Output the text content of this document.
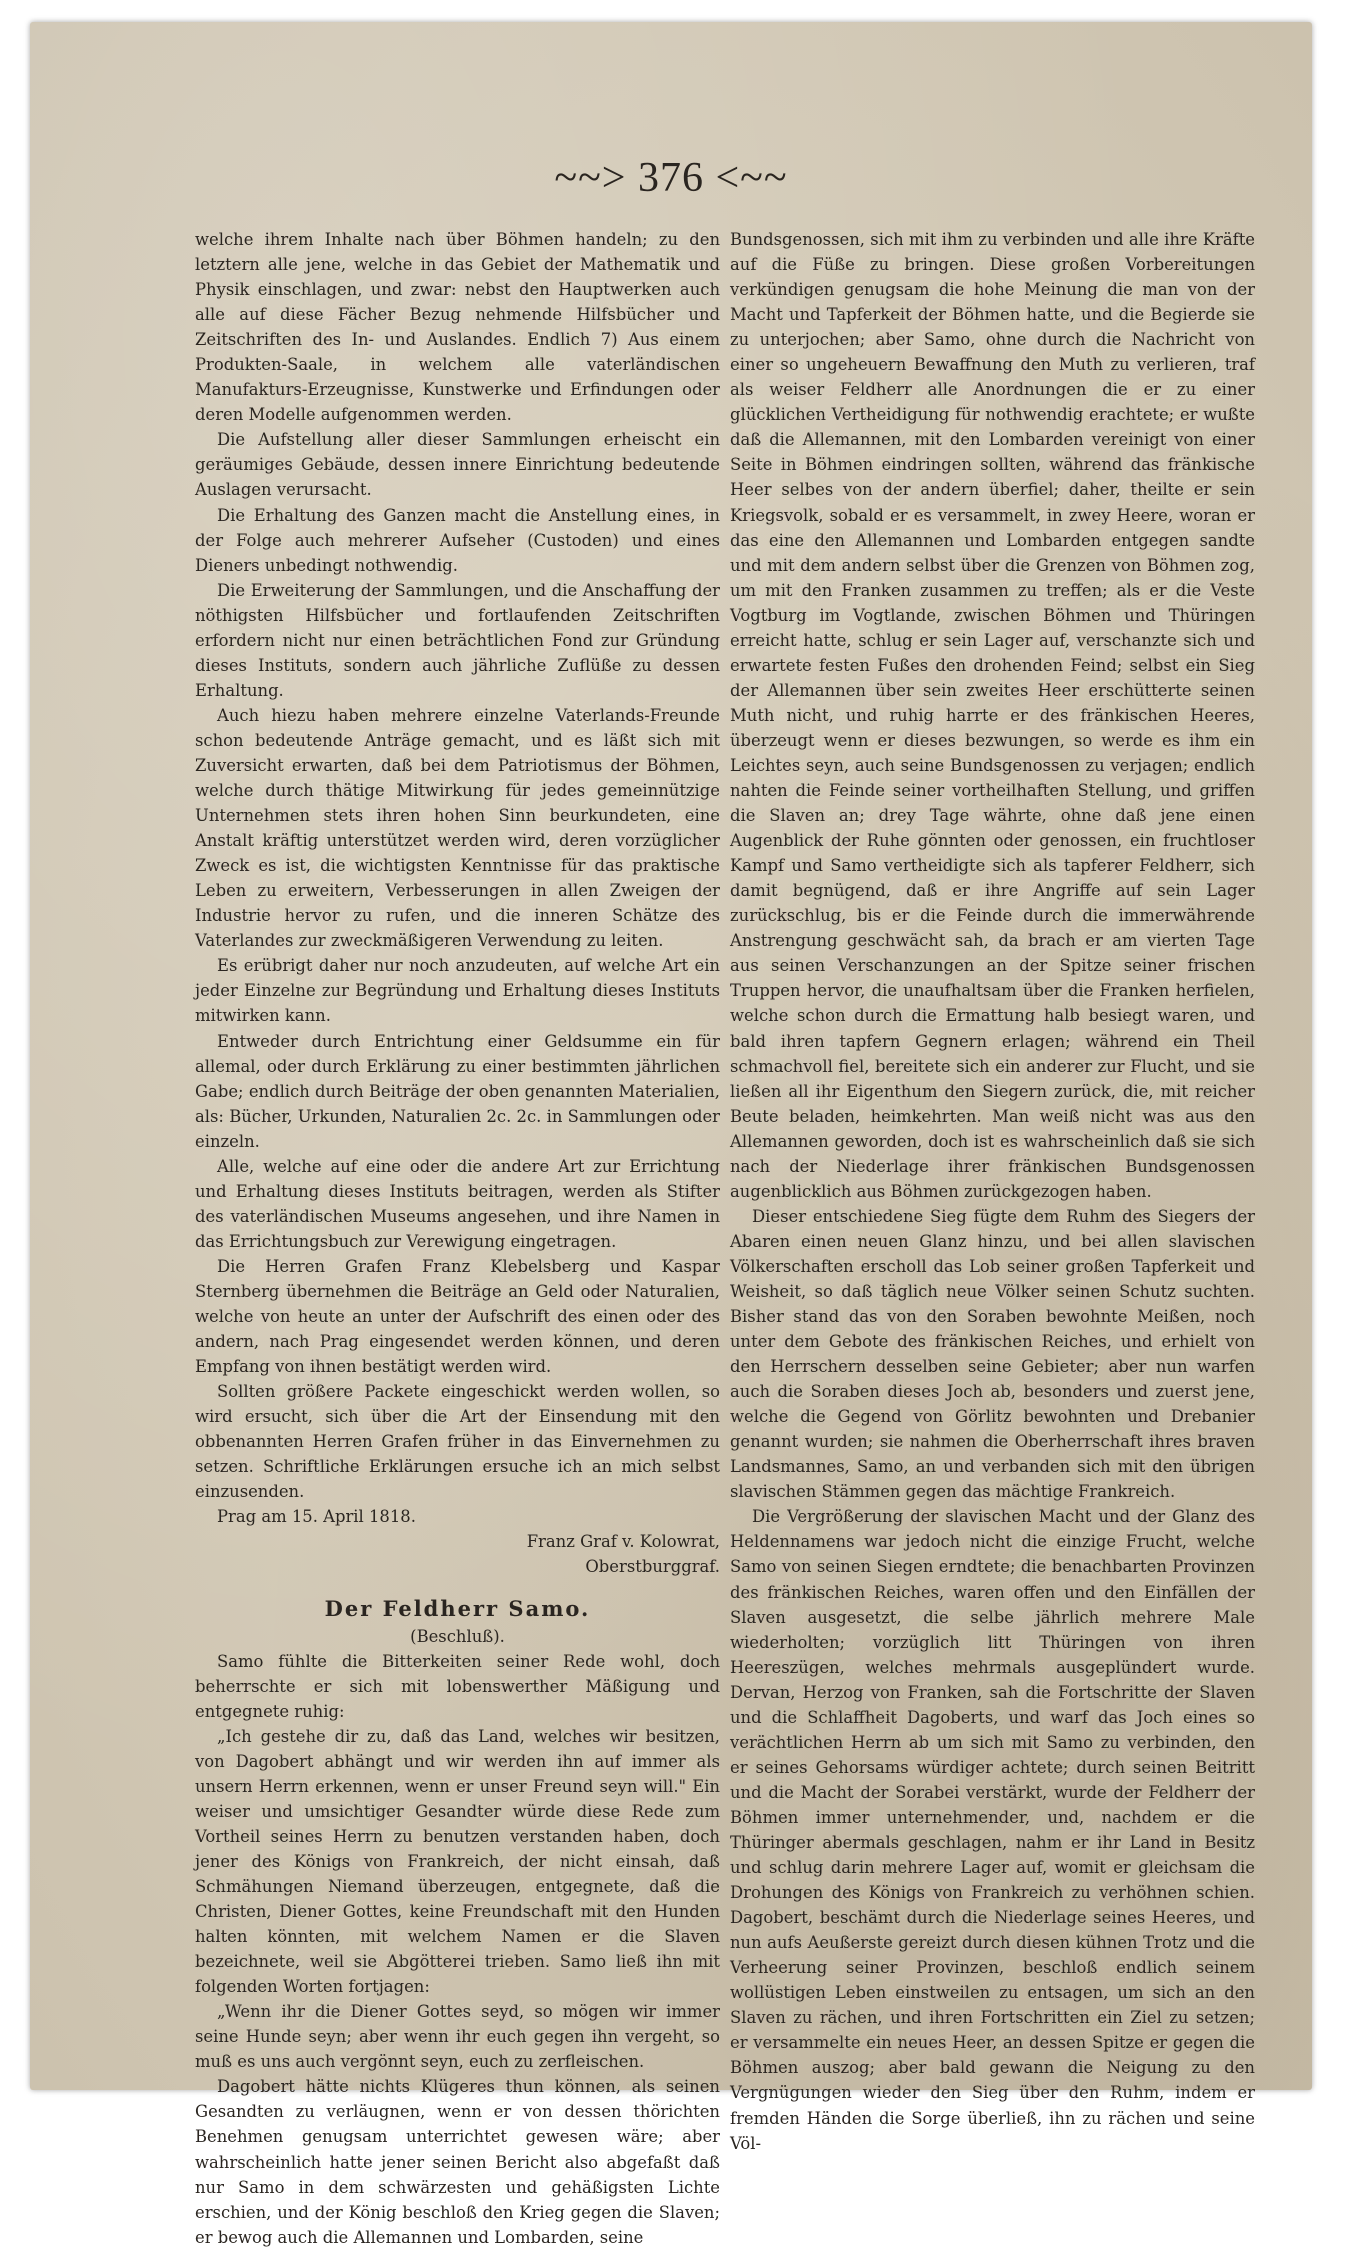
~~> 376 <~~

welche ihrem Inhalte nach über Böhmen handeln; zu den letztern alle jene, welche in das Gebiet der Mathematik und Physik einschlagen, und zwar: nebst den Hauptwerken auch alle auf diese Fächer Bezug nehmende Hilfsbücher und Zeitschriften des In- und Auslandes. Endlich 7) Aus einem Produkten-Saale, in welchem alle vaterländischen Manufakturs-Erzeugnisse, Kunstwerke und Erfindungen oder deren Modelle aufgenommen werden.

Die Aufstellung aller dieser Sammlungen erheischt ein geräumiges Gebäude, dessen innere Einrichtung bedeutende Auslagen verursacht.

Die Erhaltung des Ganzen macht die Anstellung eines, in der Folge auch mehrerer Aufseher (Custoden) und eines Dieners unbedingt nothwendig.

Die Erweiterung der Sammlungen, und die Anschaffung der nöthigsten Hilfsbücher und fortlaufenden Zeitschriften erfordern nicht nur einen beträchtlichen Fond zur Gründung dieses Instituts, sondern auch jährliche Zuflüße zu dessen Erhaltung.

Auch hiezu haben mehrere einzelne Vaterlands-Freunde schon bedeutende Anträge gemacht, und es läßt sich mit Zuversicht erwarten, daß bei dem Patriotismus der Böhmen, welche durch thätige Mitwirkung für jedes gemeinnützige Unternehmen stets ihren hohen Sinn beurkundeten, eine Anstalt kräftig unterstützet werden wird, deren vorzüglicher Zweck es ist, die wichtigsten Kenntnisse für das praktische Leben zu erweitern, Verbesserungen in allen Zweigen der Industrie hervor zu rufen, und die inneren Schätze des Vaterlandes zur zweckmäßigeren Verwendung zu leiten.

Es erübrigt daher nur noch anzudeuten, auf welche Art ein jeder Einzelne zur Begründung und Erhaltung dieses Instituts mitwirken kann.

Entweder durch Entrichtung einer Geldsumme ein für allemal, oder durch Erklärung zu einer bestimmten jährlichen Gabe; endlich durch Beiträge der oben genannten Materialien, als: Bücher, Urkunden, Naturalien 2c. 2c. in Sammlungen oder einzeln.

Alle, welche auf eine oder die andere Art zur Errichtung und Erhaltung dieses Instituts beitragen, werden als Stifter des vaterländischen Museums angesehen, und ihre Namen in das Errichtungsbuch zur Verewigung eingetragen.

Die Herren Grafen Franz Klebelsberg und Kaspar Sternberg übernehmen die Beiträge an Geld oder Naturalien, welche von heute an unter der Aufschrift des einen oder des andern, nach Prag eingesendet werden können, und deren Empfang von ihnen bestätigt werden wird.

Sollten größere Packete eingeschickt werden wollen, so wird ersucht, sich über die Art der Einsendung mit den obbenannten Herren Grafen früher in das Einvernehmen zu setzen. Schriftliche Erklärungen ersuche ich an mich selbst einzusenden.

Prag am 15. April 1818.

Franz Graf v. Kolowrat,

Oberstburggraf.

Der Feldherr Samo.

(Beschluß).

Samo fühlte die Bitterkeiten seiner Rede wohl, doch beherrschte er sich mit lobenswerther Mäßigung und entgegnete ruhig:

„Ich gestehe dir zu, daß das Land, welches wir besitzen, von Dagobert abhängt und wir werden ihn auf immer als unsern Herrn erkennen, wenn er unser Freund seyn will." Ein weiser und umsichtiger Gesandter würde diese Rede zum Vortheil seines Herrn zu benutzen verstanden haben, doch jener des Königs von Frankreich, der nicht einsah, daß Schmähungen Niemand überzeugen, entgegnete, daß die Christen, Diener Gottes, keine Freundschaft mit den Hunden halten könnten, mit welchem Namen er die Slaven bezeichnete, weil sie Abgötterei trieben. Samo ließ ihn mit folgenden Worten fortjagen:

„Wenn ihr die Diener Gottes seyd, so mögen wir immer seine Hunde seyn; aber wenn ihr euch gegen ihn vergeht, so muß es uns auch vergönnt seyn, euch zu zerfleischen.

Dagobert hätte nichts Klügeres thun können, als seinen Gesandten zu verläugnen, wenn er von dessen thörichten Benehmen genugsam unterrichtet gewesen wäre; aber wahrscheinlich hatte jener seinen Bericht also abgefaßt daß nur Samo in dem schwärzesten und gehäßigsten Lichte erschien, und der König beschloß den Krieg gegen die Slaven; er bewog auch die Allemannen und Lombarden, seine

Bundsgenossen, sich mit ihm zu verbinden und alle ihre Kräfte auf die Füße zu bringen. Diese großen Vorbereitungen verkündigen genugsam die hohe Meinung die man von der Macht und Tapferkeit der Böhmen hatte, und die Begierde sie zu unterjochen; aber Samo, ohne durch die Nachricht von einer so ungeheuern Bewaffnung den Muth zu verlieren, traf als weiser Feldherr alle Anordnungen die er zu einer glücklichen Vertheidigung für nothwendig erachtete; er wußte daß die Allemannen, mit den Lombarden vereinigt von einer Seite in Böhmen eindringen sollten, während das fränkische Heer selbes von der andern überfiel; daher, theilte er sein Kriegsvolk, sobald er es versammelt, in zwey Heere, woran er das eine den Allemannen und Lombarden entgegen sandte und mit dem andern selbst über die Grenzen von Böhmen zog, um mit den Franken zusammen zu treffen; als er die Veste Vogtburg im Vogtlande, zwischen Böhmen und Thüringen erreicht hatte, schlug er sein Lager auf, verschanzte sich und erwartete festen Fußes den drohenden Feind; selbst ein Sieg der Allemannen über sein zweites Heer erschütterte seinen Muth nicht, und ruhig harrte er des fränkischen Heeres, überzeugt wenn er dieses bezwungen, so werde es ihm ein Leichtes seyn, auch seine Bundsgenossen zu verjagen; endlich nahten die Feinde seiner vortheilhaften Stellung, und griffen die Slaven an; drey Tage währte, ohne daß jene einen Augenblick der Ruhe gönnten oder genossen, ein fruchtloser Kampf und Samo vertheidigte sich als tapferer Feldherr, sich damit begnügend, daß er ihre Angriffe auf sein Lager zurückschlug, bis er die Feinde durch die immerwährende Anstrengung geschwächt sah, da brach er am vierten Tage aus seinen Verschanzungen an der Spitze seiner frischen Truppen hervor, die unaufhaltsam über die Franken herfielen, welche schon durch die Ermattung halb besiegt waren, und bald ihren tapfern Gegnern erlagen; während ein Theil schmachvoll fiel, bereitete sich ein anderer zur Flucht, und sie ließen all ihr Eigenthum den Siegern zurück, die, mit reicher Beute beladen, heimkehrten. Man weiß nicht was aus den Allemannen geworden, doch ist es wahrscheinlich daß sie sich nach der Niederlage ihrer fränkischen Bundsgenossen augenblicklich aus Böhmen zurückgezogen haben.

Dieser entschiedene Sieg fügte dem Ruhm des Siegers der Abaren einen neuen Glanz hinzu, und bei allen slavischen Völkerschaften erscholl das Lob seiner großen Tapferkeit und Weisheit, so daß täglich neue Völker seinen Schutz suchten. Bisher stand das von den Soraben bewohnte Meißen, noch unter dem Gebote des fränkischen Reiches, und erhielt von den Herrschern desselben seine Gebieter; aber nun warfen auch die Soraben dieses Joch ab, besonders und zuerst jene, welche die Gegend von Görlitz bewohnten und Drebanier genannt wurden; sie nahmen die Oberherrschaft ihres braven Landsmannes, Samo, an und verbanden sich mit den übrigen slavischen Stämmen gegen das mächtige Frankreich.

Die Vergrößerung der slavischen Macht und der Glanz des Heldennamens war jedoch nicht die einzige Frucht, welche Samo von seinen Siegen erndtete; die benachbarten Provinzen des fränkischen Reiches, waren offen und den Einfällen der Slaven ausgesetzt, die selbe jährlich mehrere Male wiederholten; vorzüglich litt Thüringen von ihren Heereszügen, welches mehrmals ausgeplündert wurde. Dervan, Herzog von Franken, sah die Fortschritte der Slaven und die Schlaffheit Dagoberts, und warf das Joch eines so verächtlichen Herrn ab um sich mit Samo zu verbinden, den er seines Gehorsams würdiger achtete; durch seinen Beitritt und die Macht der Sorabei verstärkt, wurde der Feldherr der Böhmen immer unternehmender, und, nachdem er die Thüringer abermals geschlagen, nahm er ihr Land in Besitz und schlug darin mehrere Lager auf, womit er gleichsam die Drohungen des Königs von Frankreich zu verhöhnen schien. Dagobert, beschämt durch die Niederlage seines Heeres, und nun aufs Aeußerste gereizt durch diesen kühnen Trotz und die Verheerung seiner Provinzen, beschloß endlich seinem wollüstigen Leben einstweilen zu entsagen, um sich an den Slaven zu rächen, und ihren Fortschritten ein Ziel zu setzen; er versammelte ein neues Heer, an dessen Spitze er gegen die Böhmen auszog; aber bald gewann die Neigung zu den Vergnügungen wieder den Sieg über den Ruhm, indem er fremden Händen die Sorge überließ, ihn zu rächen und seine Völ-
